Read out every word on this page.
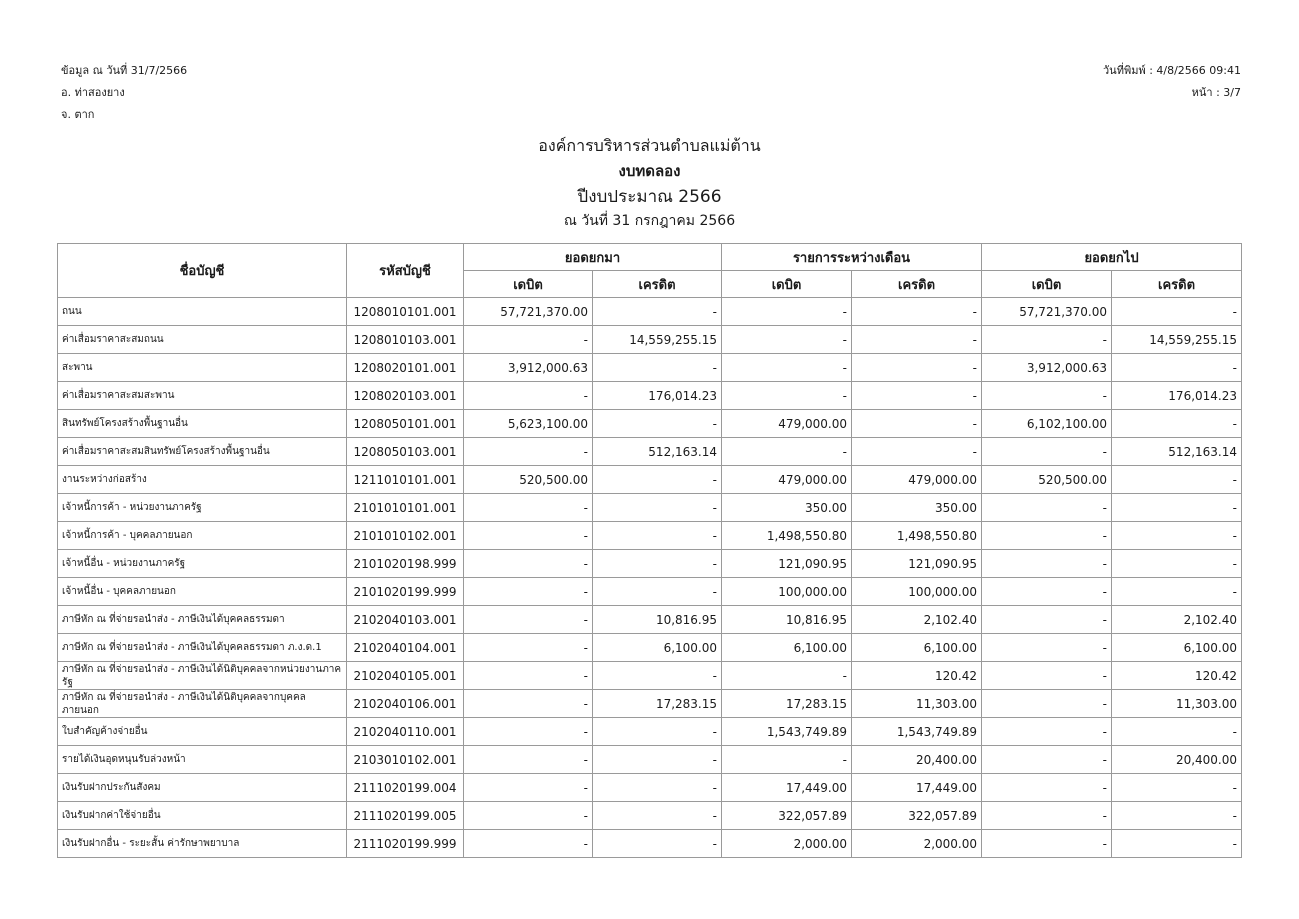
ข้อมูล ณ วันที่ 31/7/2566
อ. ท่าสองยาง
จ. ตาก
วันที่พิมพ์ : 4/8/2566 09:41
หน้า : 3/7
องค์การบริหารส่วนตำบลแม่ต้าน
งบทดลอง
ปีงบประมาณ 2566
ณ วันที่ 31 กรกฎาคม 2566
ชื่อบัญชี	รหัสบัญชี	ยอดยกมา		รายการระหว่างเดือน		ยอดยกไป	
		เดบิต	เครดิต	เดบิต	เครดิต	เดบิต	เครดิต
ถนน	1208010101.001	57,721,370.00	-	-	-	57,721,370.00	-
ค่าเสื่อมราคาสะสมถนน	1208010103.001	-	14,559,255.15	-	-	-	14,559,255.15
สะพาน	1208020101.001	3,912,000.63	-	-	-	3,912,000.63	-
ค่าเสื่อมราคาสะสมสะพาน	1208020103.001	-	176,014.23	-	-	-	176,014.23
สินทรัพย์โครงสร้างพื้นฐานอื่น	1208050101.001	5,623,100.00	-	479,000.00	-	6,102,100.00	-
ค่าเสื่อมราคาสะสมสินทรัพย์โครงสร้างพื้นฐานอื่น	1208050103.001	-	512,163.14	-	-	-	512,163.14
งานระหว่างก่อสร้าง	1211010101.001	520,500.00	-	479,000.00	479,000.00	520,500.00	-
เจ้าหนี้การค้า - หน่วยงานภาครัฐ	2101010101.001	-	-	350.00	350.00	-	-
เจ้าหนี้การค้า - บุคคลภายนอก	2101010102.001	-	-	1,498,550.80	1,498,550.80	-	-
เจ้าหนี้อื่น - หน่วยงานภาครัฐ	2101020198.999	-	-	121,090.95	121,090.95	-	-
เจ้าหนี้อื่น - บุคคลภายนอก	2101020199.999	-	-	100,000.00	100,000.00	-	-
ภาษีหัก ณ ที่จ่ายรอนำส่ง - ภาษีเงินได้บุคคลธรรมดา	2102040103.001	-	10,816.95	10,816.95	2,102.40	-	2,102.40
ภาษีหัก ณ ที่จ่ายรอนำส่ง - ภาษีเงินได้บุคคลธรรมดา ภ.ง.ด.1	2102040104.001	-	6,100.00	6,100.00	6,100.00	-	6,100.00
ภาษีหัก ณ ที่จ่ายรอนำส่ง - ภาษีเงินได้นิติบุคคลจากหน่วยงานภาครัฐ	2102040105.001	-	-	-	120.42	-	120.42
ภาษีหัก ณ ที่จ่ายรอนำส่ง - ภาษีเงินได้นิติบุคคลจากบุคคลภายนอก	2102040106.001	-	17,283.15	17,283.15	11,303.00	-	11,303.00
ใบสำคัญค้างจ่ายอื่น	2102040110.001	-	-	1,543,749.89	1,543,749.89	-	-
รายได้เงินอุดหนุนรับล่วงหน้า	2103010102.001	-	-	-	20,400.00	-	20,400.00
เงินรับฝากประกันสังคม	2111020199.004	-	-	17,449.00	17,449.00	-	-
เงินรับฝากค่าใช้จ่ายอื่น	2111020199.005	-	-	322,057.89	322,057.89	-	-
เงินรับฝากอื่น - ระยะสั้น ค่ารักษาพยาบาล	2111020199.999	-	-	2,000.00	2,000.00	-	-
